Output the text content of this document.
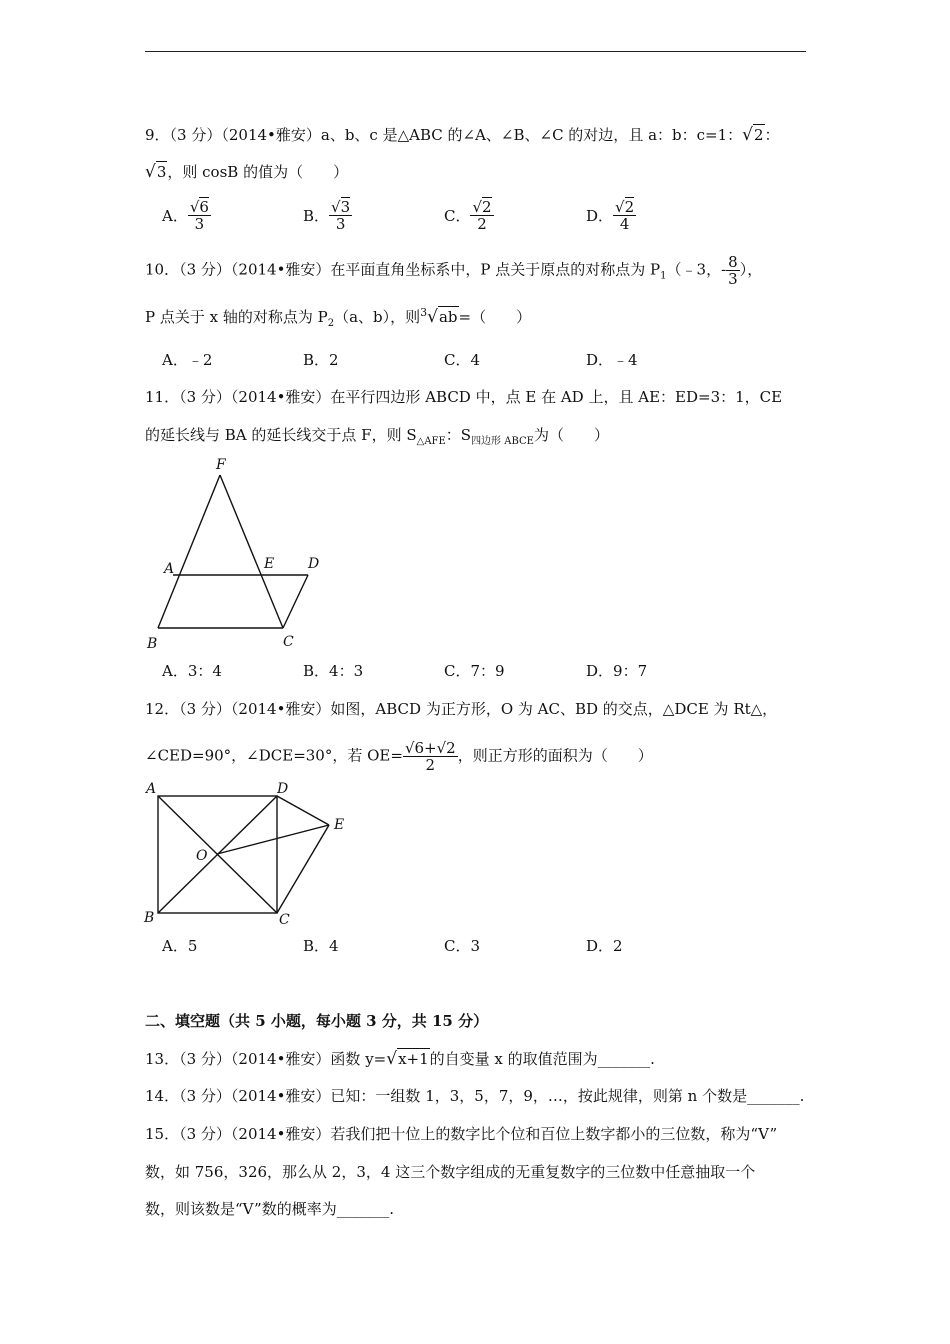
9．（3 分）（2014•雅安）a、b、c 是△ABC 的∠A、∠B、∠C 的对边，且 a：b：c=1：√2：
√3，则 cosB 的值为（　　）
A． $\frac{√6}{3}$	B． $\frac{√3}{3}$	C． $\frac{√2}{2}$	D． $\frac{√2}{4}$
10．（3 分）（2014•雅安）在平面直角坐标系中，P 点关于原点的对称点为 $P_1(﹣3$，- $\frac{8}{3}$ ），
P 点关于 x 轴的对称点为 $P_2(a$、b），则$^3$√ab=（　　）
A．﹣2	B．2	C．4	D．﹣4
11．（3 分）（2014•雅安）在平行四边形 ABCD 中，点 E 在 AD 上，且 AE：ED=3：1，CE
的延长线与 BA 的延长线交于点 F，则 $S_{\triangle AFE}$：$S_{四边形 ABCE}$为（　　）
F
A	E D
B	C
A．3：4	B．4：3	C．7：9	D．9：7
12．（3 分）（2014•雅安）如图，ABCD 为正方形，O 为 AC、BD 的交点，△DCE 为 Rt△，
∠CED=90°，∠DCE=30°，若 $OE= \frac{√6+√2}{2}$ ，则正方形的面积为（　　）
A	D
E
O
B	C
A．5	B．4	C．3	D．2
二、填空题（共 5 小题，每小题 3 分，共 15 分）
13．（3 分）（2014•雅安）函数 y=√x+1的自变量 x 的取值范围为_______.
14．（3 分）（2014•雅安）已知：一组数 1，3，5，7，9，…，按此规律，则第 n 个数是_______.
15．（3 分）（2014•雅安）若我们把十位上的数字比个位和百位上数字都小的三位数，称为“V”
数，如 756，326，那么从 2，3，4 这三个数字组成的无重复数字的三位数中任意抽取一个
数，则该数是“V”数的概率为_______.
